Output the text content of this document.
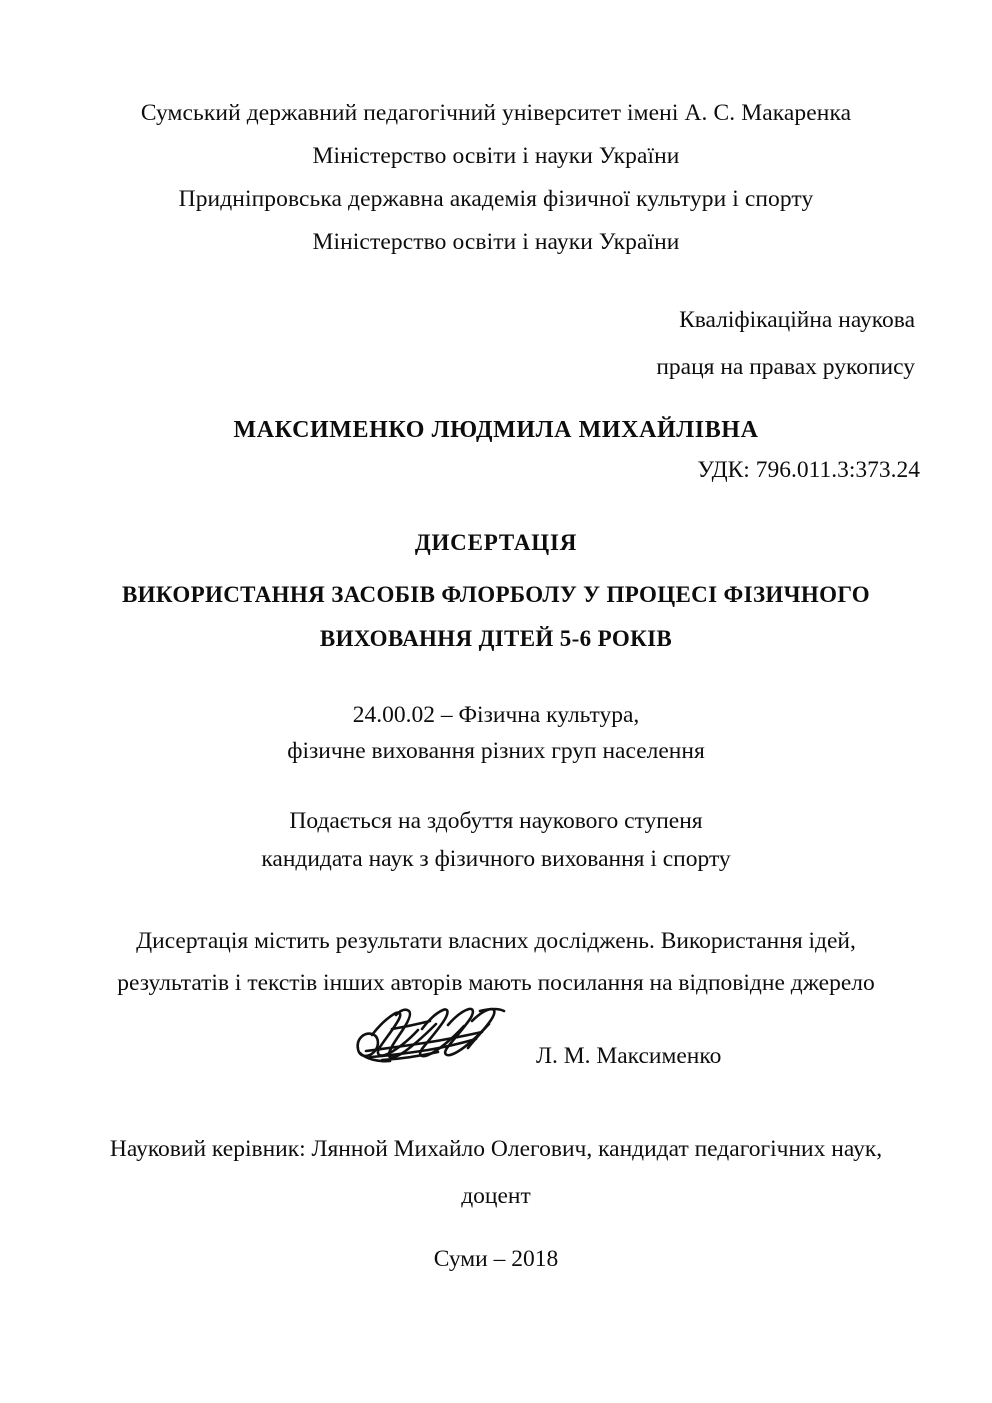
Сумський державний педагогічний університет імені А. С. Макаренка
Міністерство освіти і науки України
Придніпровська державна академія фізичної культури і спорту
Міністерство освіти і науки України
Кваліфікаційна наукова
праця на правах рукопису
МАКСИМЕНКО ЛЮДМИЛА МИХАЙЛІВНА
УДК: 796.011.3:373.24
ДИСЕРТАЦІЯ
ВИКОРИСТАННЯ ЗАСОБІВ ФЛОРБОЛУ У ПРОЦЕСІ ФІЗИЧНОГО
ВИХОВАННЯ ДІТЕЙ 5-6 РОКІВ
24.00.02 – Фізична культура,
фізичне виховання різних груп населення
Подається на здобуття наукового ступеня
кандидата наук з фізичного виховання і спорту
Дисертація містить результати власних досліджень. Використання ідей,
результатів і текстів інших авторів мають посилання на відповідне джерело
Л. М. Максименко
Науковий керівник: Лянной Михайло Олегович, кандидат педагогічних наук,
доцент
Суми – 2018
